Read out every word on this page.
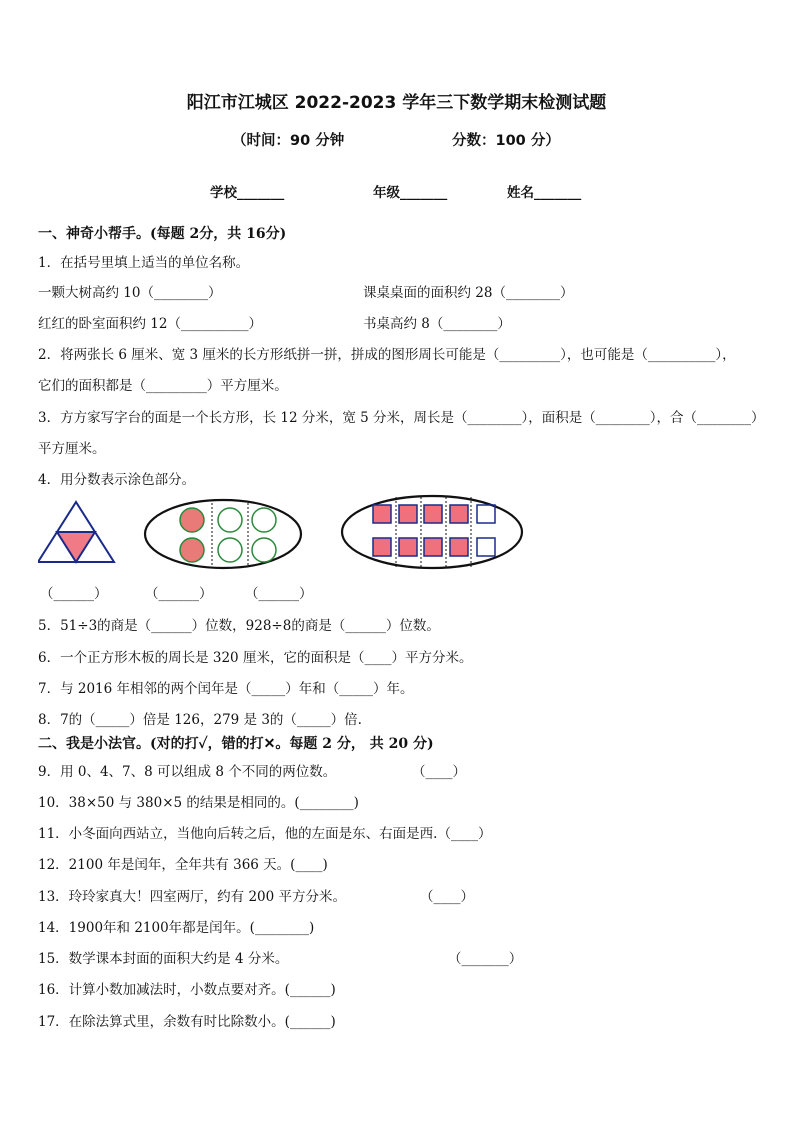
阳江市江城区 2022-2023 学年三下数学期末检测试题
（时间：90 分钟	分数：100 分）
学校_______	年级_______	姓名_______
一、神奇小帮手。(每题 2分，共 16分)
1．在括号里填上适当的单位名称。
一颗大树高约 10（________）	课桌桌面的面积约 28（________）
红红的卧室面积约 12（__________）	书桌高约 8（________）
2．将两张长 6 厘米、宽 3 厘米的长方形纸拼一拼，拼成的图形周长可能是（_________），也可能是（__________），
它们的面积都是（_________）平方厘米。
3．方方家写字台的面是一个长方形，长 12 分米，宽 5 分米，周长是（________），面积是（________），合（________）
平方厘米。
4．用分数表示涂色部分。
（______）	（______） （______）
5．51÷3的商是（______）位数，928÷8的商是（______）位数。
6．一个正方形木板的周长是 320 厘米，它的面积是（____）平方分米。
7．与 2016 年相邻的两个闰年是（_____）年和（_____）年。
8．7的（_____）倍是 126，279 是 3的（_____）倍.
二、我是小法官。(对的打✓，错的打✕。每题 2 分， 共 20 分)
9．用 0、4、7、8 可以组成 8 个不同的两位数。	（____）
10．38×50 与 380×5 的结果是相同的。(________)
11．小冬面向西站立，当他向后转之后，他的左面是东、右面是西.（____）
12．2100 年是闰年，全年共有 366 天。(____)
13．玲玲家真大！四室两厅，约有 200 平方分米。	（____）
14．1900年和 2100年都是闰年。(________)
15．数学课本封面的面积大约是 4 分米。	（_______）
16．计算小数加减法时，小数点要对齐。(______)
17．在除法算式里，余数有时比除数小。(______)
